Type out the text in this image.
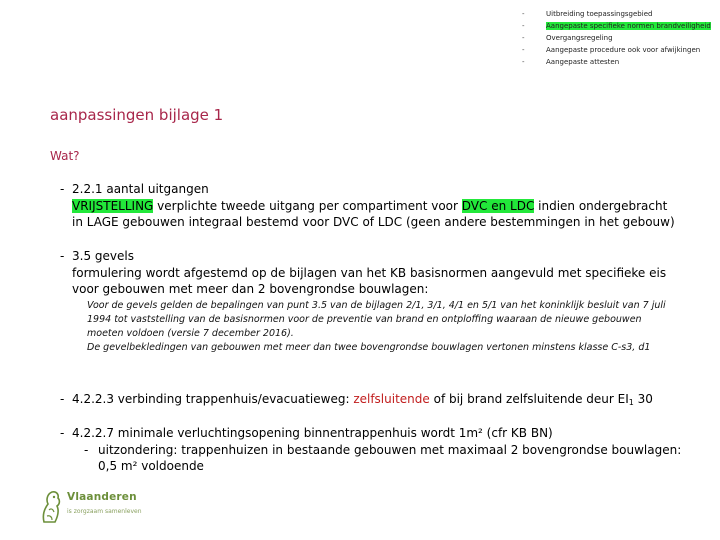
-	Uitbreiding toepassingsgebied
-	Aangepaste specifieke normen brandveiligheid
-	Overgangsregeling
-	Aangepaste procedure ook voor afwijkingen
-	Aangepaste attesten
aanpassingen bijlage 1
Wat?
- 2.2.1 aantal uitgangen
VRIJSTELLING verplichte tweede uitgang per compartiment voor DVC en LDC indien ondergebracht in LAGE gebouwen integraal bestemd voor DVC of LDC (geen andere bestemmingen in het gebouw)
- 3.5 gevels
formulering wordt afgestemd op de bijlagen van het KB basisnormen aangevuld met specifieke eis voor gebouwen met meer dan 2 bovengrondse bouwlagen:
Voor de gevels gelden de bepalingen van punt 3.5 van de bijlagen 2/1, 3/1, 4/1 en 5/1 van het koninklijk besluit van 7 juli 1994 tot vaststelling van de basisnormen voor de preventie van brand en ontploffing waaraan de nieuwe gebouwen moeten voldoen (versie 7 december 2016).
De gevelbekledingen van gebouwen met meer dan twee bovengrondse bouwlagen vertonen minstens klasse C-s3, d1
- 4.2.2.3 verbinding trappenhuis/evacuatieweg: zelfsluitende of bij brand zelfsluitende deur $EI_1$ 30
- 4.2.2.7 minimale verluchtingsopening binnentrappenhuis wordt 1m² (cfr KB BN)
- uitzondering: trappenhuizen in bestaande gebouwen met maximaal 2 bovengrondse bouwlagen: 0,5 m² voldoende
Vlaanderen
is zorgzaam samenleven
